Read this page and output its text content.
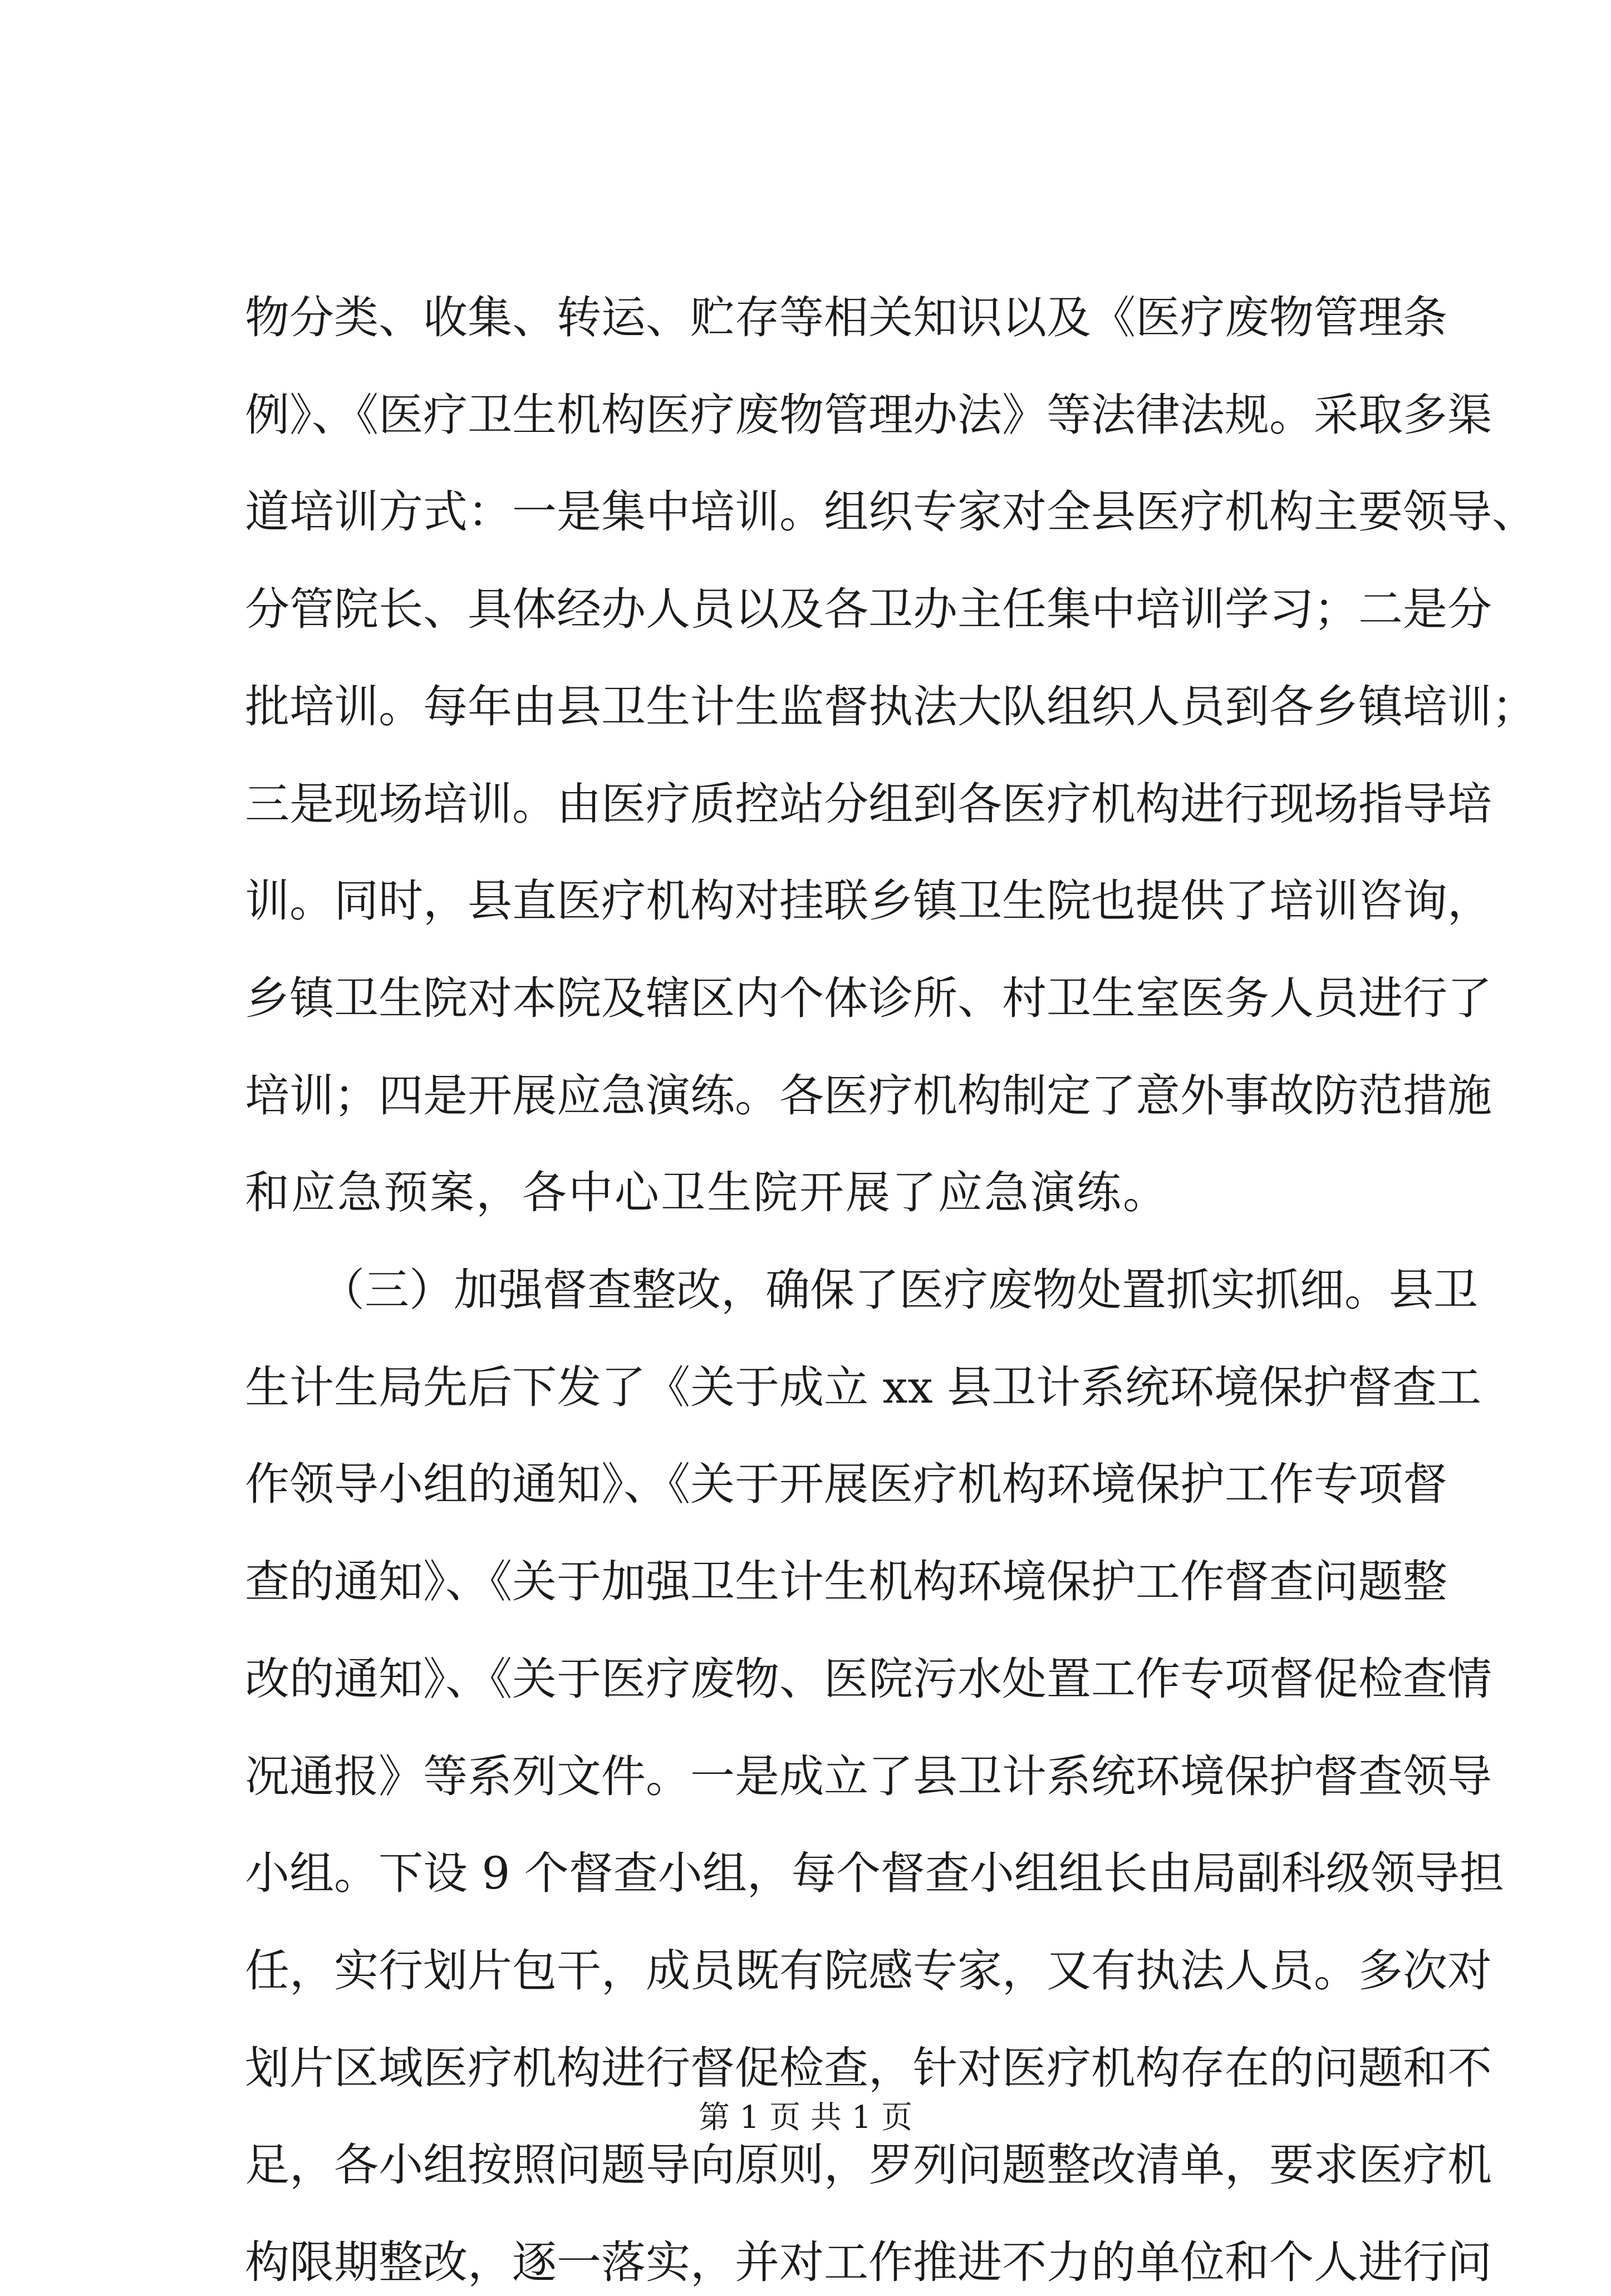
物分类、收集、转运、贮存等相关知识以及《医疗废物管理条
例》、《医疗卫生机构医疗废物管理办法》等法律法规。采取多渠
道培训方式：一是集中培训。组织专家对全县医疗机构主要领导、
分管院长、具体经办人员以及各卫办主任集中培训学习；二是分
批培训。每年由县卫生计生监督执法大队组织人员到各乡镇培训；
三是现场培训。由医疗质控站分组到各医疗机构进行现场指导培
训。同时，县直医疗机构对挂联乡镇卫生院也提供了培训咨询，
乡镇卫生院对本院及辖区内个体诊所、村卫生室医务人员进行了
培训；四是开展应急演练。各医疗机构制定了意外事故防范措施
和应急预案，各中心卫生院开展了应急演练。
（三）加强督查整改，确保了医疗废物处置抓实抓细。县卫
生计生局先后下发了《关于成立 xx 县卫计系统环境保护督查工
作领导小组的通知》、《关于开展医疗机构环境保护工作专项督
查的通知》、《关于加强卫生计生机构环境保护工作督查问题整
改的通知》、《关于医疗废物、医院污水处置工作专项督促检查情
况通报》等系列文件。一是成立了县卫计系统环境保护督查领导
小组。下设 9 个督查小组，每个督查小组组长由局副科级领导担
任，实行划片包干，成员既有院感专家，又有执法人员。多次对
划片区域医疗机构进行督促检查，针对医疗机构存在的问题和不
足，各小组按照问题导向原则，罗列问题整改清单，要求医疗机
构限期整改，逐一落实，并对工作推进不力的单位和个人进行问
第 1 页 共 1 页
